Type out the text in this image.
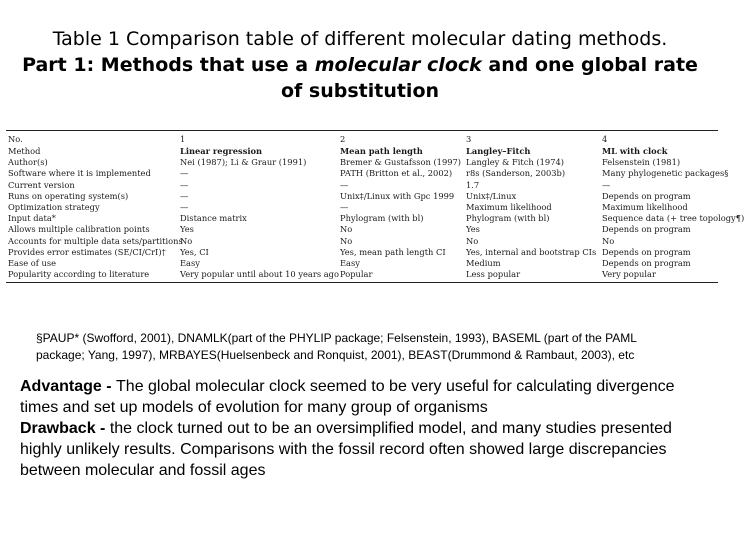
Table 1 Comparison table of different molecular dating methods.
Part 1: Methods that use a molecular clock and one global rate of substitution
No.	1	2	3	4
Method	Linear regression	Mean path length	Langley–Fitch	ML with clock
Author(s)	Nei (1987); Li & Graur (1991)	Bremer & Gustafsson (1997)	Langley & Fitch (1974)	Felsenstein (1981)
Software where it is implemented	—	PATH (Britton et al., 2002)	r8s (Sanderson, 2003b)	Many phylogenetic packages§
Current version	—	—	1.7	—
Runs on operating system(s)	—	Unix‡/Linux with Gpc 1999	Unix‡/Linux	Depends on program
Optimization strategy	—	—	Maximum likelihood	Maximum likelihood
Input data*	Distance matrix	Phylogram (with bl)	Phylogram (with bl)	Sequence data (+ tree topology¶)
Allows multiple calibration points	Yes	No	Yes	Depends on program
Accounts for multiple data sets/partitions	No	No	No	No
Provides error estimates (SE/CI/CrI)†	Yes, CI	Yes, mean path length CI	Yes, internal and bootstrap CIs	Depends on program
Ease of use	Easy	Easy	Medium	Depends on program
Popularity according to literature	Very popular until about 10 years ago	Popular	Less popular	Very popular
§PAUP* (Swofford, 2001), DNAMLK(part of the PHYLIP package; Felsenstein, 1993), BASEML (part of the PAML package; Yang, 1997), MRBAYES(Huelsenbeck and Ronquist, 2001), BEAST(Drummond & Rambaut, 2003), etc
Advantage - The global molecular clock seemed to be very useful for calculating divergence times and set up models of evolution for many group of organisms
Drawback - the clock turned out to be an oversimplified model, and many studies presented highly unlikely results. Comparisons with the fossil record often showed large discrepancies between molecular and fossil ages
